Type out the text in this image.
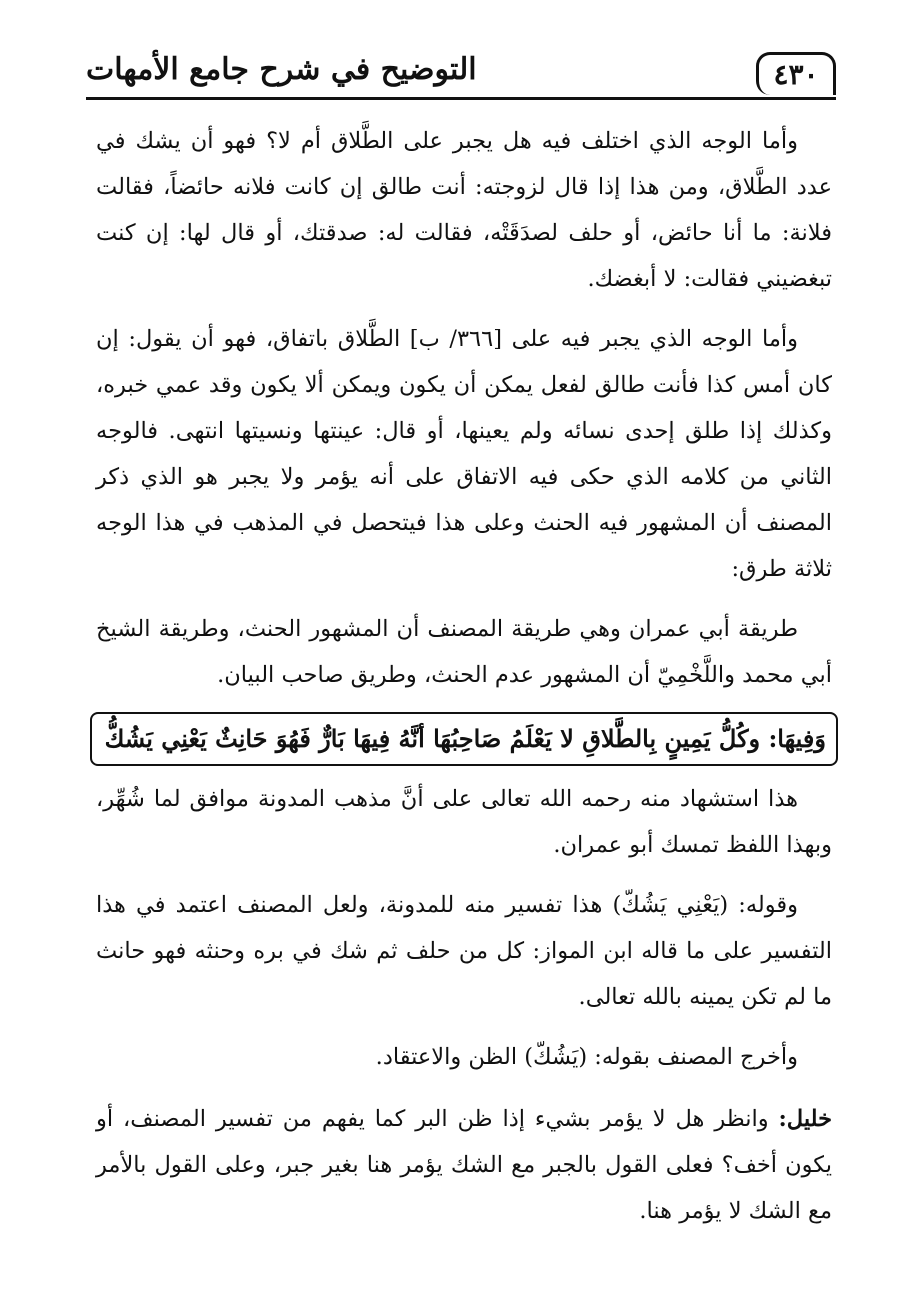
٤٣٠
التوضيح في شرح جامع الأمهات

وأما الوجه الذي اختلف فيه هل يجبر على الطَّلاق أم لا؟ فهو أن يشك في عدد الطَّلاق، ومن هذا إذا قال لزوجته: أنت طالق إن كانت فلانه حائضاً، فقالت فلانة: ما أنا حائض، أو حلف لصدَقَتْه، فقالت له: صدقتك، أو قال لها: إن كنت تبغضيني فقالت: لا أبغضك.

وأما الوجه الذي يجبر فيه على [٣٦٦/ ب] الطَّلاق باتفاق، فهو أن يقول: إن كان أمس كذا فأنت طالق لفعل يمكن أن يكون ويمكن ألا يكون وقد عمي خبره، وكذلك إذا طلق إحدى نسائه ولم يعينها، أو قال: عينتها ونسيتها انتهى. فالوجه الثاني من كلامه الذي حكى فيه الاتفاق على أنه يؤمر ولا يجبر هو الذي ذكر المصنف أن المشهور فيه الحنث وعلى هذا فيتحصل في المذهب في هذا الوجه ثلاثة طرق:

طريقة أبي عمران وهي طريقة المصنف أن المشهور الحنث، وطريقة الشيخ أبي محمد واللَّخْمِيّ أن المشهور عدم الحنث، وطريق صاحب البيان.

وَفِيهَا: وكُلُّ يَمِينٍ بِالطَّلاقِ لا يَعْلَمُ صَاحِبُهَا أنَّهُ فِيهَا بَارٌّ فَهُوَ حَانِثٌ يَعْنِي يَشُكُّ

هذا استشهاد منه رحمه الله تعالى على أنَّ مذهب المدونة موافق لما شُهِّر، وبهذا اللفظ تمسك أبو عمران.

وقوله: (يَعْنِي يَشُكّ) هذا تفسير منه للمدونة، ولعل المصنف اعتمد في هذا التفسير على ما قاله ابن المواز: كل من حلف ثم شك في بره وحنثه فهو حانث ما لم تكن يمينه بالله تعالى.

وأخرج المصنف بقوله: (يَشُكّ) الظن والاعتقاد.

خليل: وانظر هل لا يؤمر بشيء إذا ظن البر كما يفهم من تفسير المصنف، أو يكون أخف؟ فعلى القول بالجبر مع الشك يؤمر هنا بغير جبر، وعلى القول بالأمر مع الشك لا يؤمر هنا.
